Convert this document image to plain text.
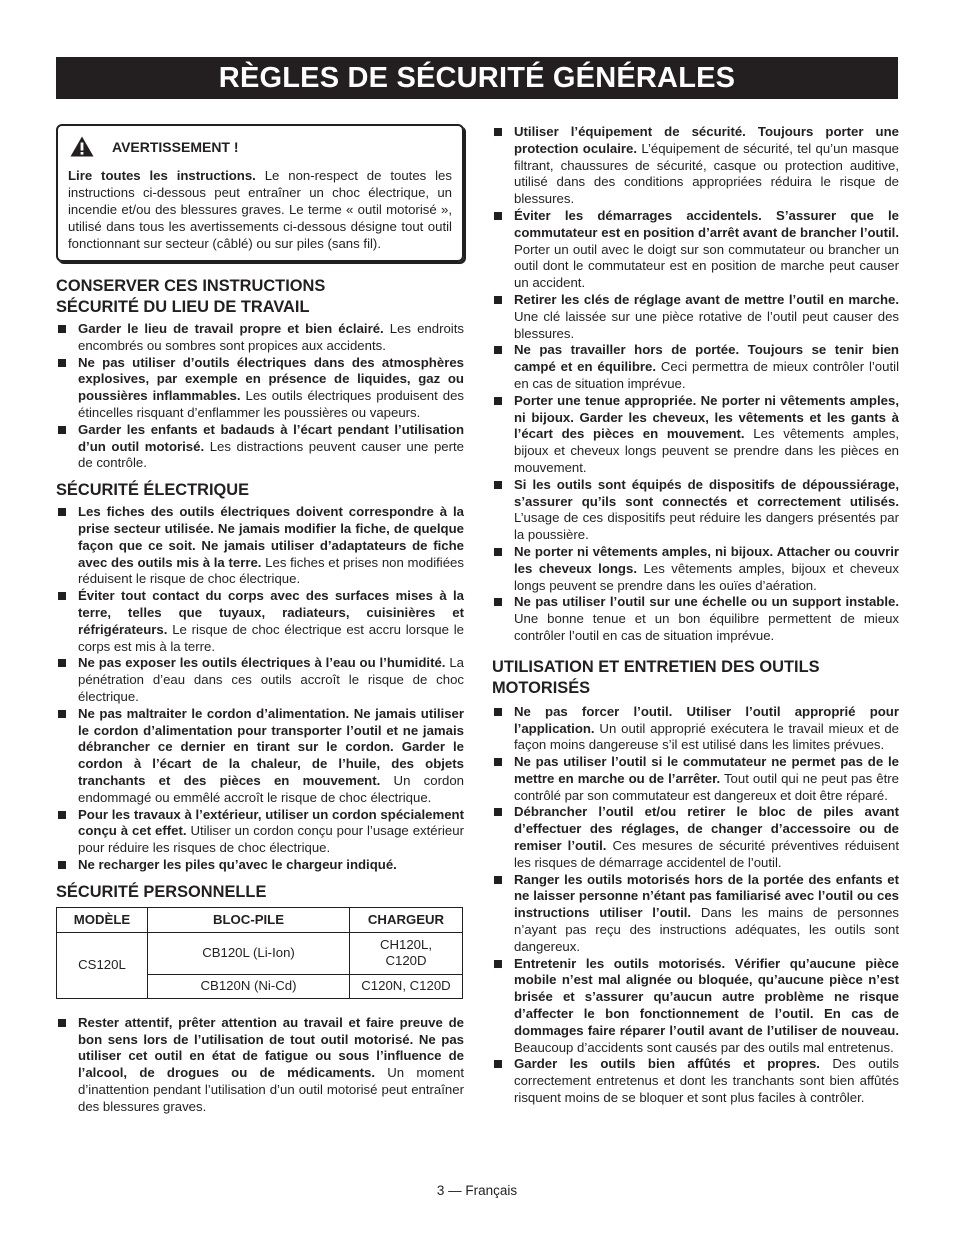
RÈGLES DE SÉCURITÉ GÉNÉRALES
AVERTISSEMENT !

Lire toutes les instructions. Le non-respect de toutes les instructions ci-dessous peut entraîner un choc électrique, un incendie et/ou des blessures graves. Le terme « outil motorisé », utilisé dans tous les avertissements ci-dessous désigne tout outil fonctionnant sur secteur (câblé) ou sur piles (sans fil).

CONSERVER CES INSTRUCTIONS
SÉCURITÉ DU LIEU DE TRAVAIL
Garder le lieu de travail propre et bien éclairé. Les endroits encombrés ou sombres sont propices aux accidents.
Ne pas utiliser d’outils électriques dans des atmosphères explosives, par exemple en présence de liquides, gaz ou poussières inflammables. Les outils électriques produisent des étincelles risquant d’enflammer les poussières ou vapeurs.
Garder les enfants et badauds à l’écart pendant l’utilisation d’un outil motorisé. Les distractions peuvent causer une perte de contrôle.
SÉCURITÉ ÉLECTRIQUE
Les fiches des outils électriques doivent correspondre à la prise secteur utilisée. Ne jamais modifier la fiche, de quelque façon que ce soit. Ne jamais utiliser d’adaptateurs de fiche avec des outils mis à la terre. Les fiches et prises non modifiées réduisent le risque de choc électrique.
Éviter tout contact du corps avec des surfaces mises à la terre, telles que tuyaux, radiateurs, cuisinières et réfrigérateurs. Le risque de choc électrique est accru lorsque le corps est mis à la terre.
Ne pas exposer les outils électriques à l’eau ou l’humidité. La pénétration d’eau dans ces outils accroît le risque de choc électrique.
Ne pas maltraiter le cordon d’alimentation. Ne jamais utiliser le cordon d’alimentation pour transporter l’outil et ne jamais débrancher ce dernier en tirant sur le cordon. Garder le cordon à l’écart de la chaleur, de l’huile, des objets tranchants et des pièces en mouvement. Un cordon endommagé ou emmêlé accroît le risque de choc électrique.
Pour les travaux à l’extérieur, utiliser un cordon spécialement conçu à cet effet. Utiliser un cordon conçu pour l’usage extérieur pour réduire les risques de choc électrique.
Ne recharger les piles qu’avec le chargeur indiqué.
SÉCURITÉ PERSONNELLE
MODÈLE	BLOC-PILE	CHARGEUR
CS120L	CB120L (Li-Ion)	CH120L, C120D
	CB120N (Ni-Cd)	C120N, C120D
Rester attentif, prêter attention au travail et faire preuve de bon sens lors de l’utilisation de tout outil motorisé. Ne pas utiliser cet outil en état de fatigue ou sous l’influence de l’alcool, de drogues ou de médicaments. Un moment d’inattention pendant l’utilisation d’un outil motorisé peut entraîner des blessures graves.
Utiliser l’équipement de sécurité. Toujours porter une protection oculaire. L’équipement de sécurité, tel qu’un masque filtrant, chaussures de sécurité, casque ou protection auditive, utilisé dans des conditions appropriées réduira le risque de blessures.
Éviter les démarrages accidentels. S’assurer que le commutateur est en position d’arrêt avant de brancher l’outil. Porter un outil avec le doigt sur son commutateur ou brancher un outil dont le commutateur est en position de marche peut causer un accident.
Retirer les clés de réglage avant de mettre l’outil en marche. Une clé laissée sur une pièce rotative de l’outil peut causer des blessures.
Ne pas travailler hors de portée. Toujours se tenir bien campé et en équilibre. Ceci permettra de mieux contrôler l’outil en cas de situation imprévue.
Porter une tenue appropriée. Ne porter ni vêtements amples, ni bijoux. Garder les cheveux, les vêtements et les gants à l’écart des pièces en mouvement. Les vêtements amples, bijoux et cheveux longs peuvent se prendre dans les pièces en mouvement.
Si les outils sont équipés de dispositifs de dépoussiérage, s’assurer qu’ils sont connectés et correctement utilisés. L’usage de ces dispositifs peut réduire les dangers présentés par la poussière.
Ne porter ni vêtements amples, ni bijoux. Attacher ou couvrir les cheveux longs. Les vêtements amples, bijoux et cheveux longs peuvent se prendre dans les ouïes d’aération.
Ne pas utiliser l’outil sur une échelle ou un support instable. Une bonne tenue et un bon équilibre permettent de mieux contrôler l’outil en cas de situation imprévue.
UTILISATION ET ENTRETIEN DES OUTILS MOTORISÉS
Ne pas forcer l’outil. Utiliser l’outil approprié pour l’application. Un outil approprié exécutera le travail mieux et de façon moins dangereuse s’il est utilisé dans les limites prévues.
Ne pas utiliser l’outil si le commutateur ne permet pas de le mettre en marche ou de l’arrêter. Tout outil qui ne peut pas être contrôlé par son commutateur est dangereux et doit être réparé.
Débrancher l’outil et/ou retirer le bloc de piles avant d’effectuer des réglages, de changer d’accessoire ou de remiser l’outil. Ces mesures de sécurité préventives réduisent les risques de démarrage accidentel de l’outil.
Ranger les outils motorisés hors de la portée des enfants et ne laisser personne n’étant pas familiarisé avec l’outil ou ces instructions utiliser l’outil. Dans les mains de personnes n’ayant pas reçu des instructions adéquates, les outils sont dangereux.
Entretenir les outils motorisés. Vérifier qu’aucune pièce mobile n’est mal alignée ou bloquée, qu’aucune pièce n’est brisée et s’assurer qu’aucun autre problème ne risque d’affecter le bon fonctionnement de l’outil. En cas de dommages faire réparer l’outil avant de l’utiliser de nouveau. Beaucoup d’accidents sont causés par des outils mal entretenus.
Garder les outils bien affûtés et propres. Des outils correctement entretenus et dont les tranchants sont bien affûtés risquent moins de se bloquer et sont plus faciles à contrôler.
3 — Français
